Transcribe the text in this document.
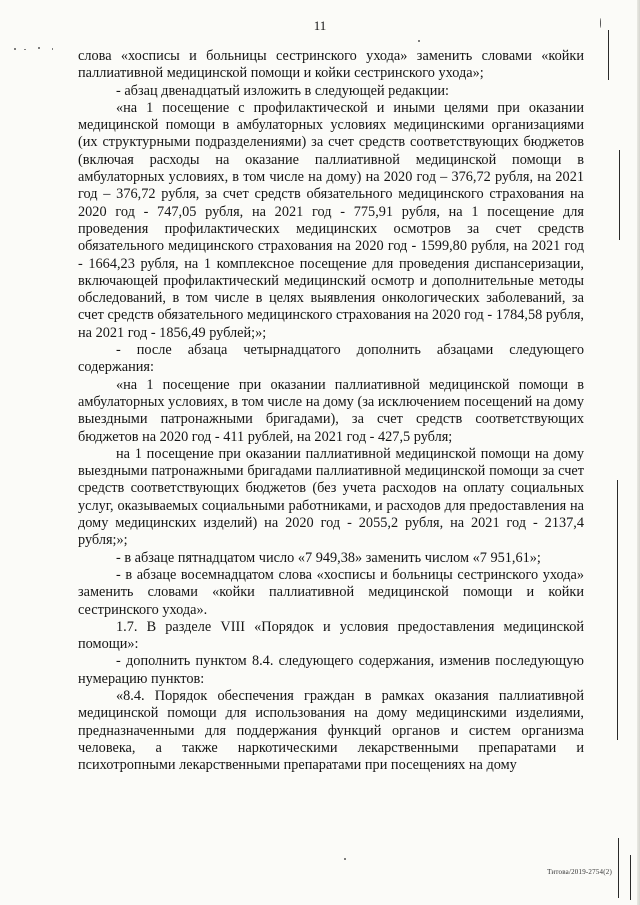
11

слова «хосписы и больницы сестринского ухода» заменить словами «койки паллиативной медицинской помощи и койки сестринского ухода»;

- абзац двенадцатый изложить в следующей редакции:

«на 1 посещение с профилактической и иными целями при оказании медицинской помощи в амбулаторных условиях медицинскими организациями (их структурными подразделениями) за счет средств соответствующих бюджетов (включая расходы на оказание паллиативной медицинской помощи в амбулаторных условиях, в том числе на дому) на 2020 год – 376,72 рубля, на 2021 год – 376,72 рубля, за счет средств обязательного медицинского страхования на 2020 год - 747,05 рубля, на 2021 год - 775,91 рубля, на 1 посещение для проведения профилактических медицинских осмотров за счет средств обязательного медицинского страхования на 2020 год - 1599,80 рубля, на 2021 год - 1664,23 рубля, на 1 комплексное посещение для проведения диспансеризации, включающей профилактический медицинский осмотр и дополнительные методы обследований, в том числе в целях выявления онкологических заболеваний, за счет средств обязательного медицинского страхования на 2020 год - 1784,58 рубля, на 2021 год - 1856,49 рублей;»;

- после абзаца четырнадцатого дополнить абзацами следующего содержания:

«на 1 посещение при оказании паллиативной медицинской помощи в амбулаторных условиях, в том числе на дому (за исключением посещений на дому выездными патронажными бригадами), за счет средств соответствующих бюджетов на 2020 год - 411 рублей, на 2021 год - 427,5 рубля;

на 1 посещение при оказании паллиативной медицинской помощи на дому выездными патронажными бригадами паллиативной медицинской помощи за счет средств соответствующих бюджетов (без учета расходов на оплату социальных услуг, оказываемых социальными работниками, и расходов для предоставления на дому медицинских изделий) на 2020 год - 2055,2 рубля, на 2021 год - 2137,4 рубля;»;

- в абзаце пятнадцатом число «7 949,38» заменить числом «7 951,61»;

- в абзаце восемнадцатом слова «хосписы и больницы сестринского ухода» заменить словами «койки паллиативной медицинской помощи и койки сестринского ухода».

1.7. В разделе VIII «Порядок и условия предоставления медицинской помощи»:

- дополнить пунктом 8.4. следующего содержания, изменив последующую нумерацию пунктов:

«8.4. Порядок обеспечения граждан в рамках оказания паллиативной медицинской помощи для использования на дому медицинскими изделиями, предназначенными для поддержания функций органов и систем организма человека, а также наркотическими лекарственными препаратами и психотропными лекарственными препаратами при посещениях на дому

Титова/2019-2754(2)
